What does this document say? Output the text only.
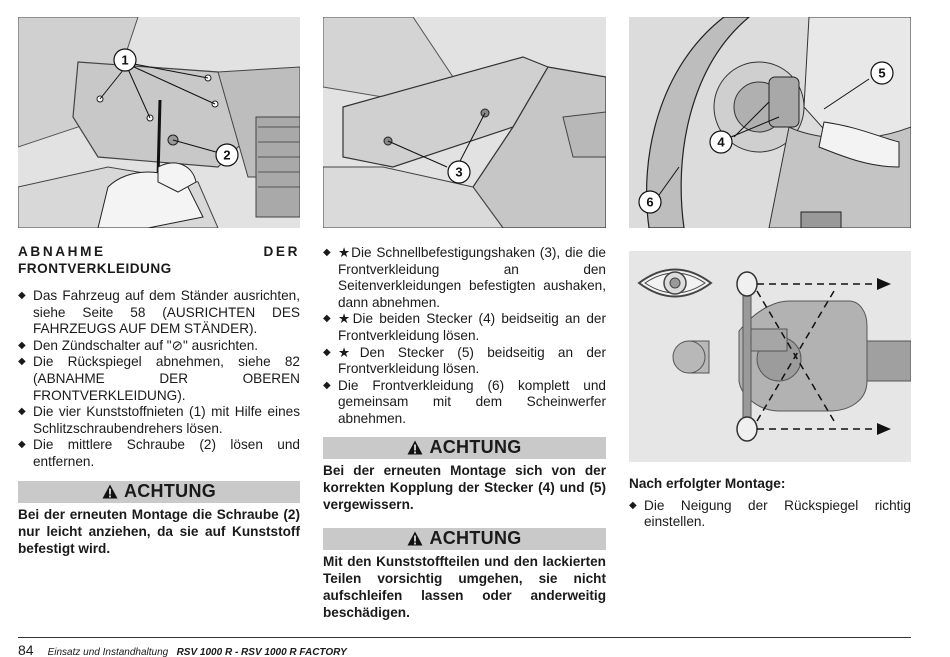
1
2
3
4
5
6
ABNAHME	DER
FRONTVERKLEIDUNG
◆ Das Fahrzeug auf dem Ständer ausrichten, siehe Seite 58 (AUSRICHTEN DES FAHRZEUGS AUF DEM STÄNDER).
◆ Den Zündschalter auf "⊘" ausrichten.
◆ Die Rückspiegel abnehmen, siehe 82 (ABNAHME DER OBEREN FRONTVERKLEIDUNG).
◆ Die vier Kunststoffnieten (1) mit Hilfe eines Schlitzschraubendrehers lösen.
◆ Die mittlere Schraube (2) lösen und entfernen.
ACHTUNG
Bei der erneuten Montage die Schraube (2) nur leicht anziehen, da sie auf Kunststoff befestigt wird.
◆ ★Die Schnellbefestigungshaken (3), die die Frontverkleidung an den Seitenverkleidungen befestigten aushaken, dann abnehmen.
◆ ★Die beiden Stecker (4) beidseitig an der Frontverkleidung lösen.
◆ ★Den Stecker (5) beidseitig an der Frontverkleidung lösen.
◆ Die Frontverkleidung (6) komplett und gemeinsam mit dem Scheinwerfer abnehmen.
ACHTUNG
Bei der erneuten Montage sich von der korrekten Kopplung der Stecker (4) und (5) vergewissern.
ACHTUNG
Mit den Kunststoffteilen und den lackierten Teilen vorsichtig umgehen, sie nicht aufschleifen lassen oder anderweitig beschädigen.
Nach erfolgter Montage:
◆ Die Neigung der Rückspiegel richtig einstellen.
84 Einsatz und Instandhaltung RSV 1000 R - RSV 1000 R FACTORY
